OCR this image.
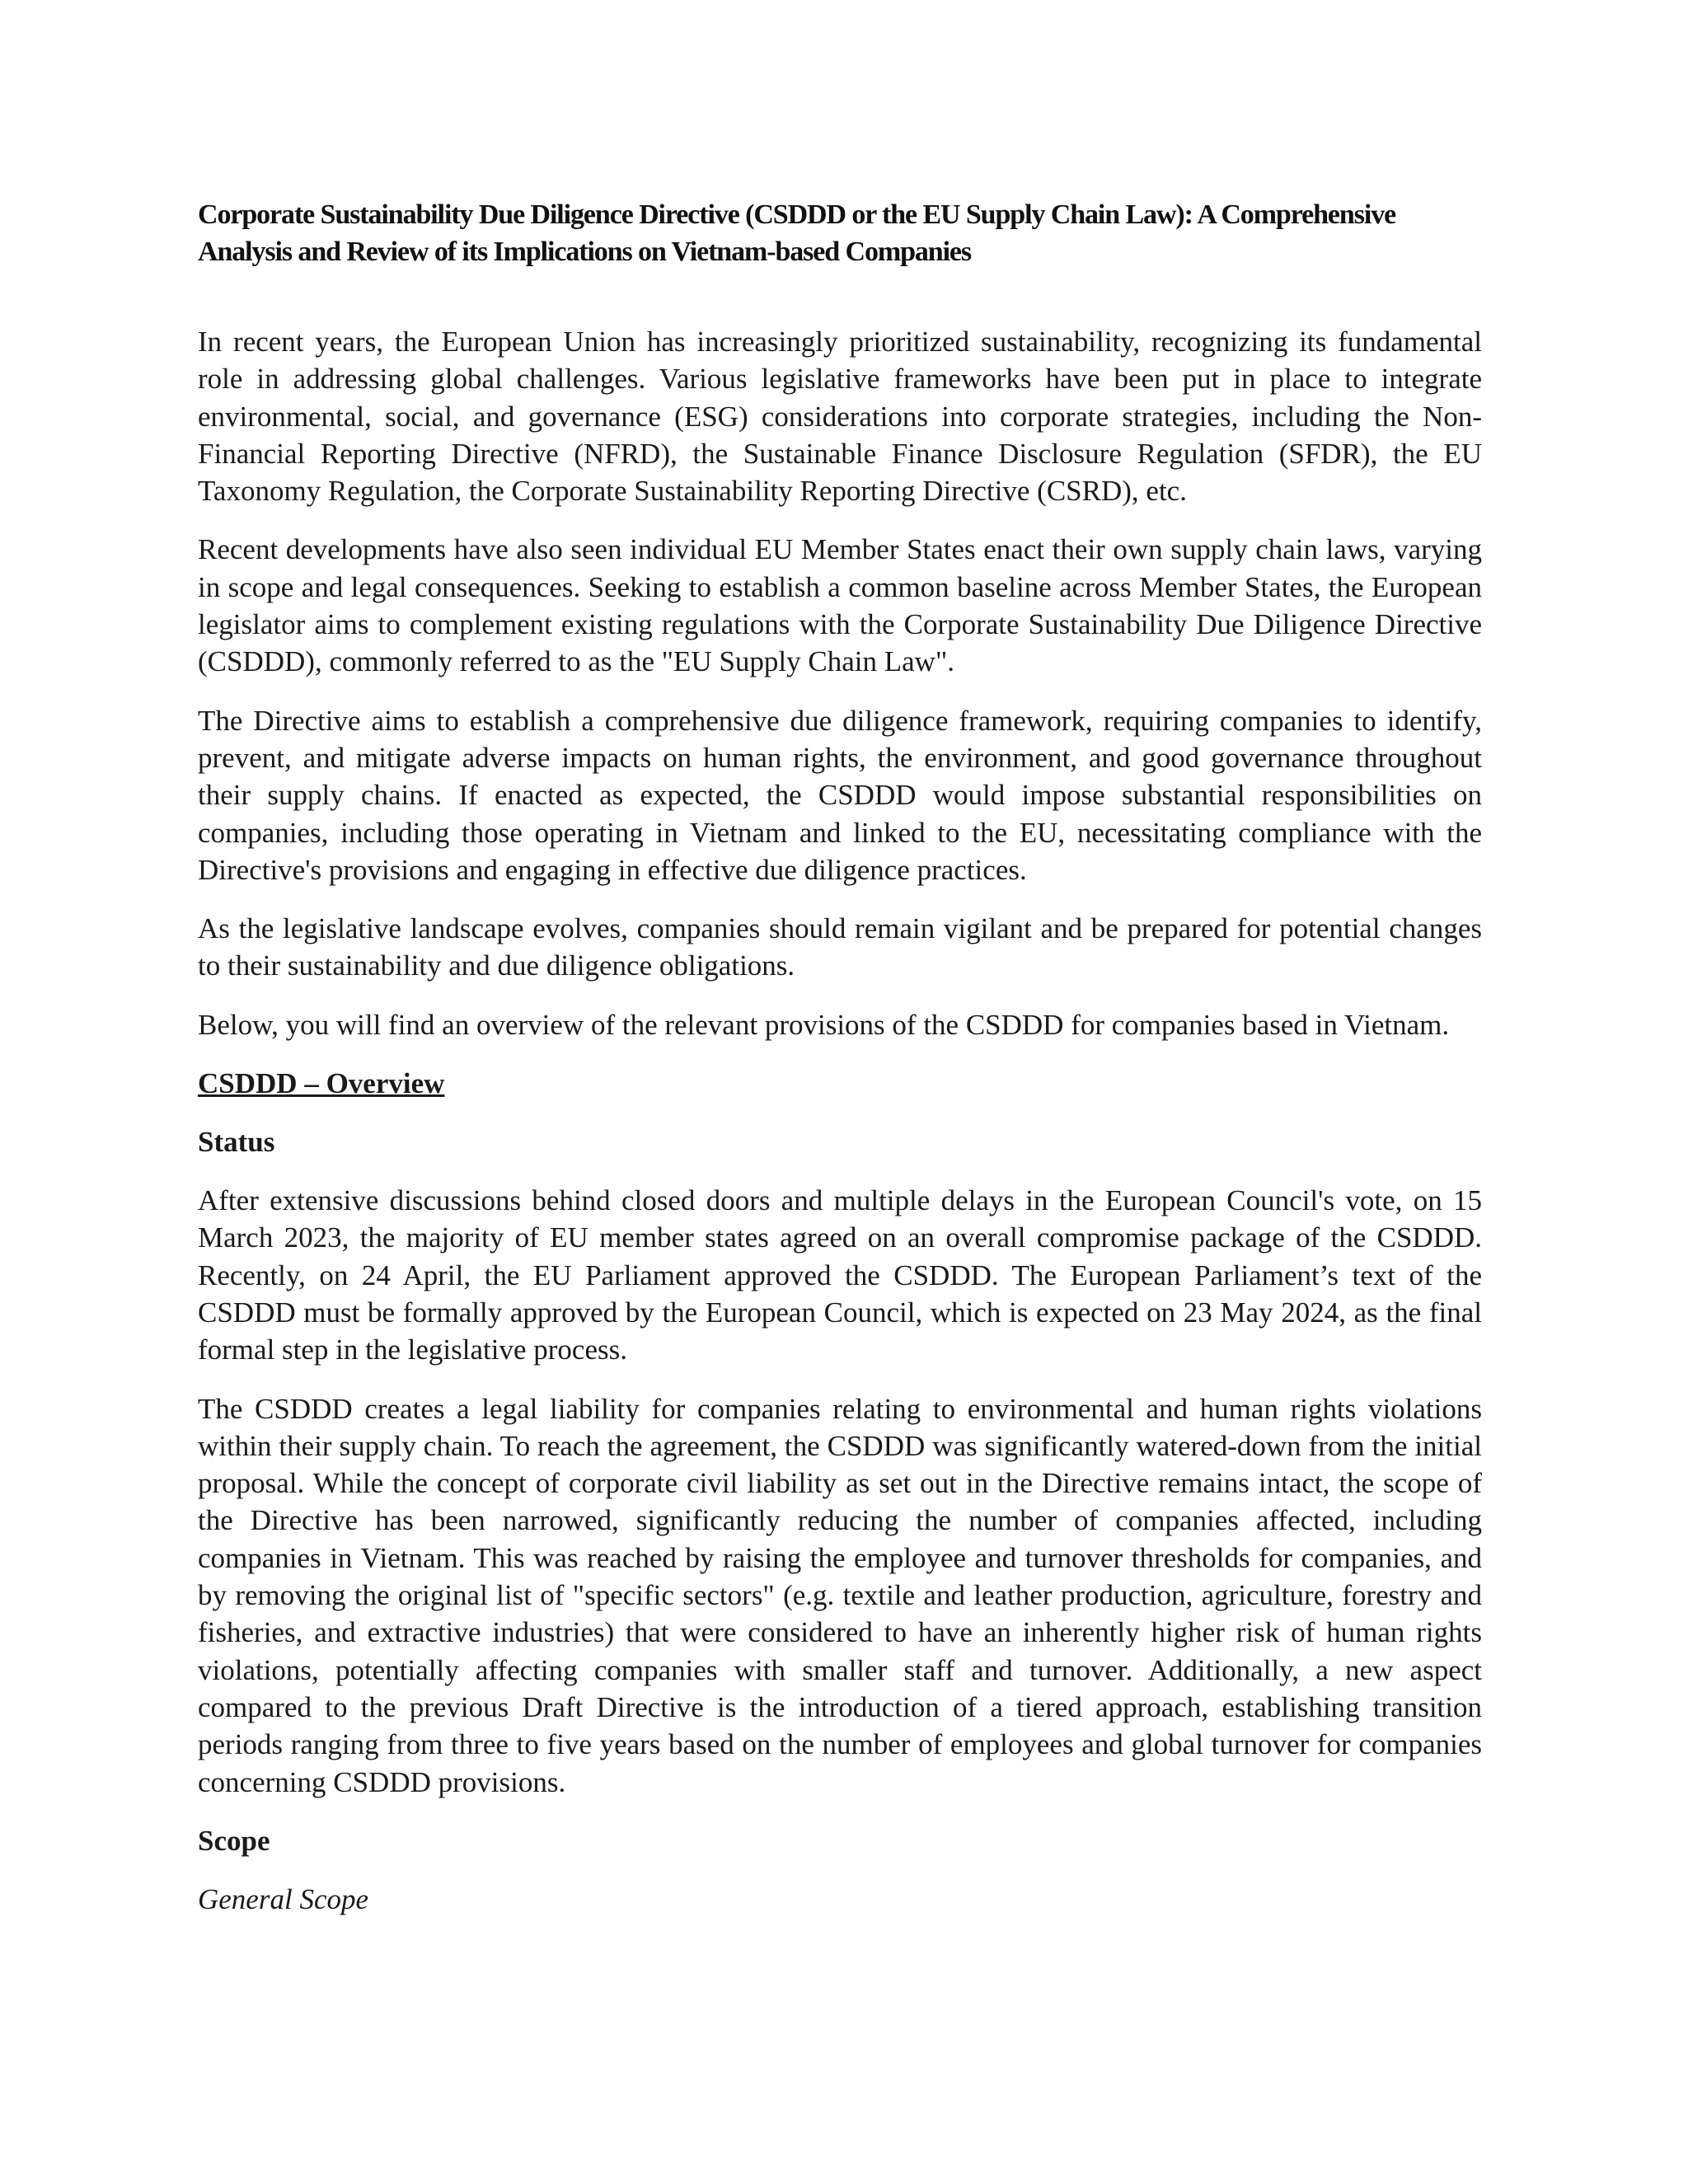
Corporate Sustainability Due Diligence Directive (CSDDD or the EU Supply Chain Law): A Comprehensive Analysis and Review of its Implications on Vietnam-based Companies

In recent years, the European Union has increasingly prioritized sustainability, recognizing its fundamental role in addressing global challenges. Various legislative frameworks have been put in place to integrate environmental, social, and governance (ESG) considerations into corporate strategies, including the Non-Financial Reporting Directive (NFRD), the Sustainable Finance Disclosure Regulation (SFDR), the EU Taxonomy Regulation, the Corporate Sustainability Reporting Directive (CSRD), etc.

Recent developments have also seen individual EU Member States enact their own supply chain laws, varying in scope and legal consequences. Seeking to establish a common baseline across Member States, the European legislator aims to complement existing regulations with the Corporate Sustainability Due Diligence Directive (CSDDD), commonly referred to as the "EU Supply Chain Law".

The Directive aims to establish a comprehensive due diligence framework, requiring companies to identify, prevent, and mitigate adverse impacts on human rights, the environment, and good governance throughout their supply chains. If enacted as expected, the CSDDD would impose substantial responsibilities on companies, including those operating in Vietnam and linked to the EU, necessitating compliance with the Directive's provisions and engaging in effective due diligence practices.

As the legislative landscape evolves, companies should remain vigilant and be prepared for potential changes to their sustainability and due diligence obligations.

Below, you will find an overview of the relevant provisions of the CSDDD for companies based in Vietnam.

CSDDD – Overview
Status

After extensive discussions behind closed doors and multiple delays in the European Council's vote, on 15 March 2023, the majority of EU member states agreed on an overall compromise package of the CSDDD. Recently, on 24 April, the EU Parliament approved the CSDDD. The European Parliament’s text of the CSDDD must be formally approved by the European Council, which is expected on 23 May 2024, as the final formal step in the legislative process.

The CSDDD creates a legal liability for companies relating to environmental and human rights violations within their supply chain. To reach the agreement, the CSDDD was significantly watered-down from the initial proposal. While the concept of corporate civil liability as set out in the Directive remains intact, the scope of the Directive has been narrowed, significantly reducing the number of companies affected, including companies in Vietnam. This was reached by raising the employee and turnover thresholds for companies, and by removing the original list of "specific sectors" (e.g. textile and leather production, agriculture, forestry and fisheries, and extractive industries) that were considered to have an inherently higher risk of human rights violations, potentially affecting companies with smaller staff and turnover. Additionally, a new aspect compared to the previous Draft Directive is the introduction of a tiered approach, establishing transition periods ranging from three to five years based on the number of employees and global turnover for companies concerning CSDDD provisions.

Scope
General Scope
